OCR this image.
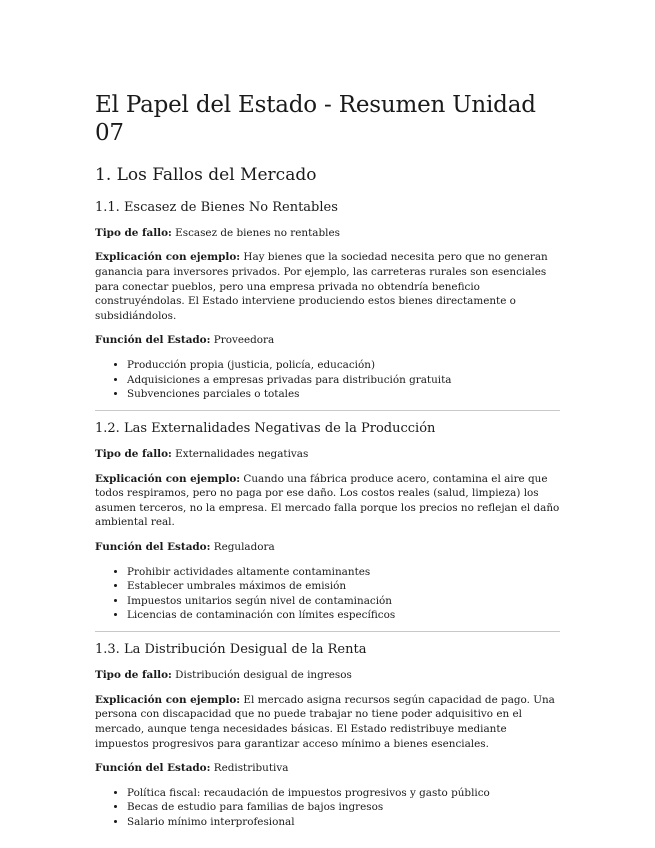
El Papel del Estado - Resumen Unidad 07
1. Los Fallos del Mercado
1.1. Escasez de Bienes No Rentables

Tipo de fallo: Escasez de bienes no rentables

Explicación con ejemplo: Hay bienes que la sociedad necesita pero que no generan ganancia para inversores privados. Por ejemplo, las carreteras rurales son esenciales para conectar pueblos, pero una empresa privada no obtendría beneficio construyéndolas. El Estado interviene produciendo estos bienes directamente o subsidiándolos.

Función del Estado: Proveedora

• Producción propia (justicia, policía, educación)
• Adquisiciones a empresas privadas para distribución gratuita
• Subvenciones parciales o totales
1.2. Las Externalidades Negativas de la Producción

Tipo de fallo: Externalidades negativas

Explicación con ejemplo: Cuando una fábrica produce acero, contamina el aire que todos respiramos, pero no paga por ese daño. Los costos reales (salud, limpieza) los asumen terceros, no la empresa. El mercado falla porque los precios no reflejan el daño ambiental real.

Función del Estado: Reguladora

• Prohibir actividades altamente contaminantes
• Establecer umbrales máximos de emisión
• Impuestos unitarios según nivel de contaminación
• Licencias de contaminación con límites específicos
1.3. La Distribución Desigual de la Renta

Tipo de fallo: Distribución desigual de ingresos

Explicación con ejemplo: El mercado asigna recursos según capacidad de pago. Una persona con discapacidad que no puede trabajar no tiene poder adquisitivo en el mercado, aunque tenga necesidades básicas. El Estado redistribuye mediante impuestos progresivos para garantizar acceso mínimo a bienes esenciales.

Función del Estado: Redistributiva

• Política fiscal: recaudación de impuestos progresivos y gasto público
• Becas de estudio para familias de bajos ingresos
• Salario mínimo interprofesional
